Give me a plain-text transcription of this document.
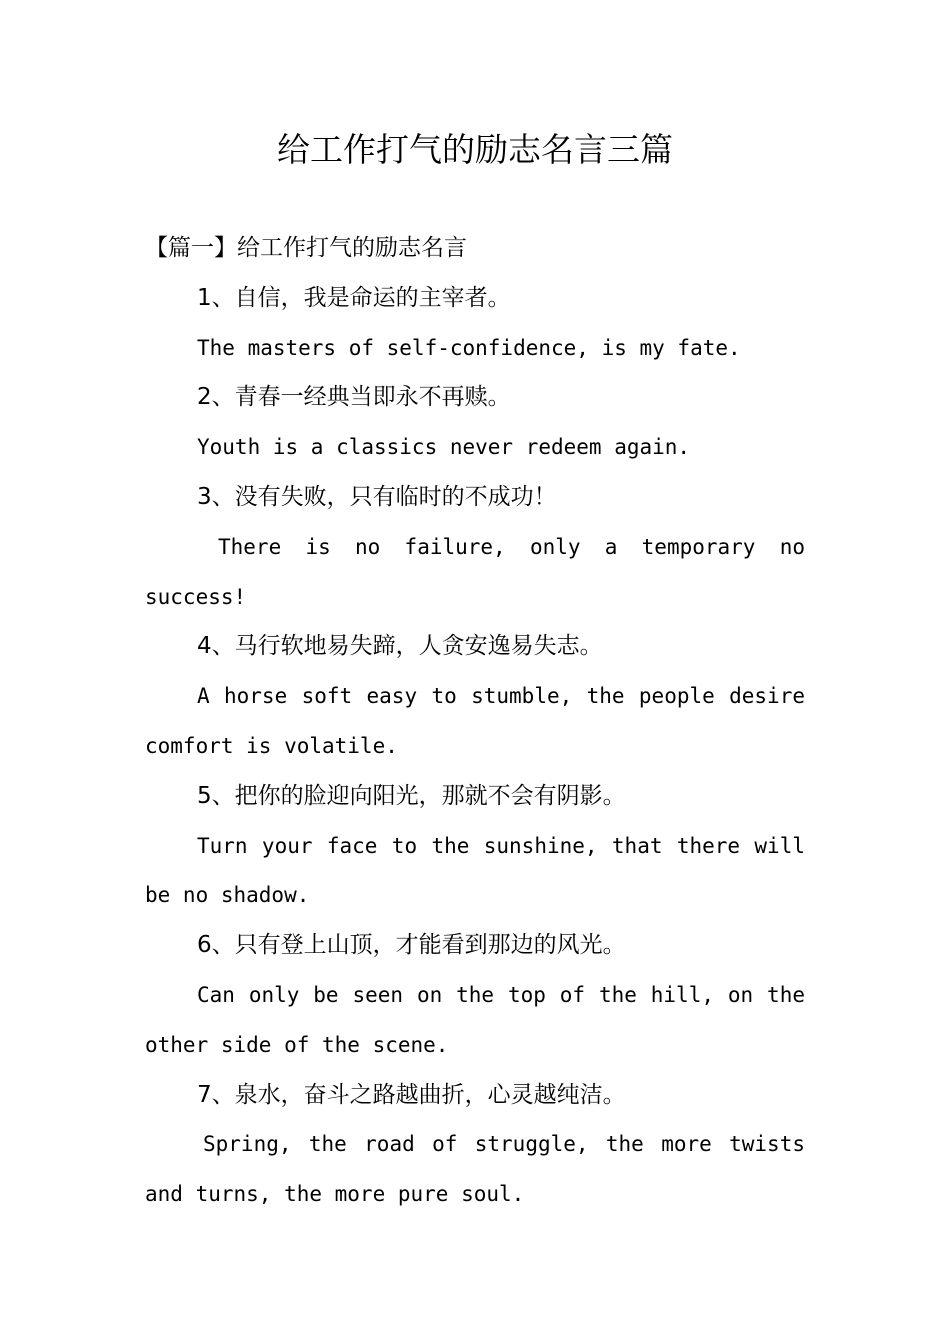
给工作打气的励志名言三篇
【篇一】给工作打气的励志名言
1、自信，我是命运的主宰者。
The masters of self-confidence, is my fate.
2、青春一经典当即永不再赎。
Youth is a classics never redeem again.
3、没有失败，只有临时的不成功！
There is no failure, only a temporary no
success!
4、马行软地易失蹄，人贪安逸易失志。
A horse soft easy to stumble, the people desire
comfort is volatile.
5、把你的脸迎向阳光，那就不会有阴影。
Turn your face to the sunshine, that there will
be no shadow.
6、只有登上山顶，才能看到那边的风光。
Can only be seen on the top of the hill, on the
other side of the scene.
7、泉水，奋斗之路越曲折，心灵越纯洁。
Spring, the road of struggle, the more twists
and turns, the more pure soul.
